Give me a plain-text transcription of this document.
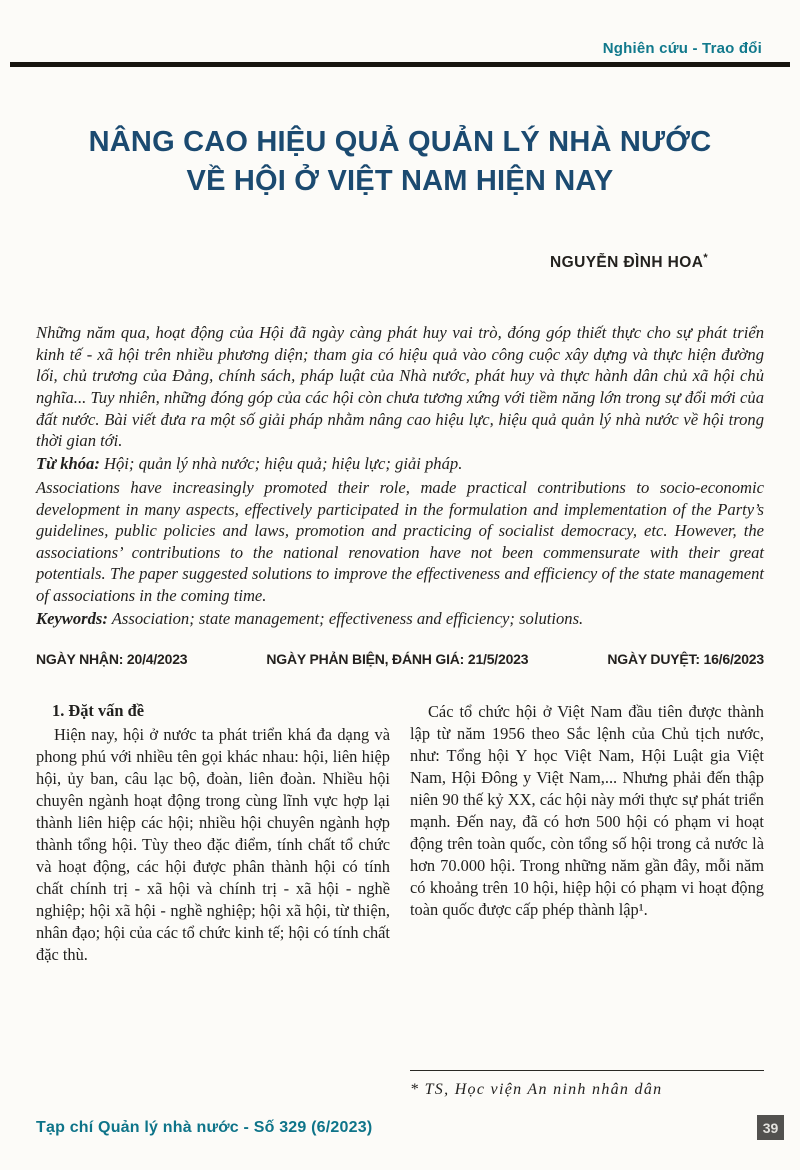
Nghiên cứu - Trao đổi
NÂNG CAO HIỆU QUẢ QUẢN LÝ NHÀ NƯỚC
VỀ HỘI Ở VIỆT NAM HIỆN NAY
NGUYỄN ĐÌNH HOA*

Những năm qua, hoạt động của Hội đã ngày càng phát huy vai trò, đóng góp thiết thực cho sự phát triển kinh tế - xã hội trên nhiều phương diện; tham gia có hiệu quả vào công cuộc xây dựng và thực hiện đường lối, chủ trương của Đảng, chính sách, pháp luật của Nhà nước, phát huy và thực hành dân chủ xã hội chủ nghĩa... Tuy nhiên, những đóng góp của các hội còn chưa tương xứng với tiềm năng lớn trong sự đổi mới của đất nước. Bài viết đưa ra một số giải pháp nhằm nâng cao hiệu lực, hiệu quả quản lý nhà nước về hội trong thời gian tới.

Từ khóa: Hội; quản lý nhà nước; hiệu quả; hiệu lực; giải pháp.

Associations have increasingly promoted their role, made practical contributions to socio-economic development in many aspects, effectively participated in the formulation and implementation of the Party’s guidelines, public policies and laws, promotion and practicing of socialist democracy, etc. However, the associations’ contributions to the national renovation have not been commensurate with their great potentials. The paper suggested solutions to improve the effectiveness and efficiency of the state management of associations in the coming time.

Keywords: Association; state management; effectiveness and efficiency; solutions.

NGÀY NHẬN: 20/4/2023	NGÀY PHẢN BIỆN, ĐÁNH GIÁ: 21/5/2023	NGÀY DUYỆT: 16/6/2023
1. Đặt vấn đề

Hiện nay, hội ở nước ta phát triển khá đa dạng và phong phú với nhiều tên gọi khác nhau: hội, liên hiệp hội, ủy ban, câu lạc bộ, đoàn, liên đoàn. Nhiều hội chuyên ngành hoạt động trong cùng lĩnh vực hợp lại thành liên hiệp các hội; nhiều hội chuyên ngành hợp thành tổng hội. Tùy theo đặc điểm, tính chất tổ chức và hoạt động, các hội được phân thành hội có tính chất chính trị - xã hội và chính trị - xã hội - nghề nghiệp; hội xã hội - nghề nghiệp; hội xã hội, từ thiện, nhân đạo; hội của các tổ chức kinh tế; hội có tính chất đặc thù.

Các tổ chức hội ở Việt Nam đầu tiên được thành lập từ năm 1956 theo Sắc lệnh của Chủ tịch nước, như: Tổng hội Y học Việt Nam, Hội Luật gia Việt Nam, Hội Đông y Việt Nam,... Nhưng phải đến thập niên 90 thế kỷ XX, các hội này mới thực sự phát triển mạnh. Đến nay, đã có hơn 500 hội có phạm vi hoạt động trên toàn quốc, còn tổng số hội trong cả nước là hơn 70.000 hội. Trong những năm gần đây, mỗi năm có khoảng trên 10 hội, hiệp hội có phạm vi hoạt động toàn quốc được cấp phép thành lập¹.

* TS, Học viện An ninh nhân dân
Tạp chí Quản lý nhà nước - Số 329 (6/2023)	39
